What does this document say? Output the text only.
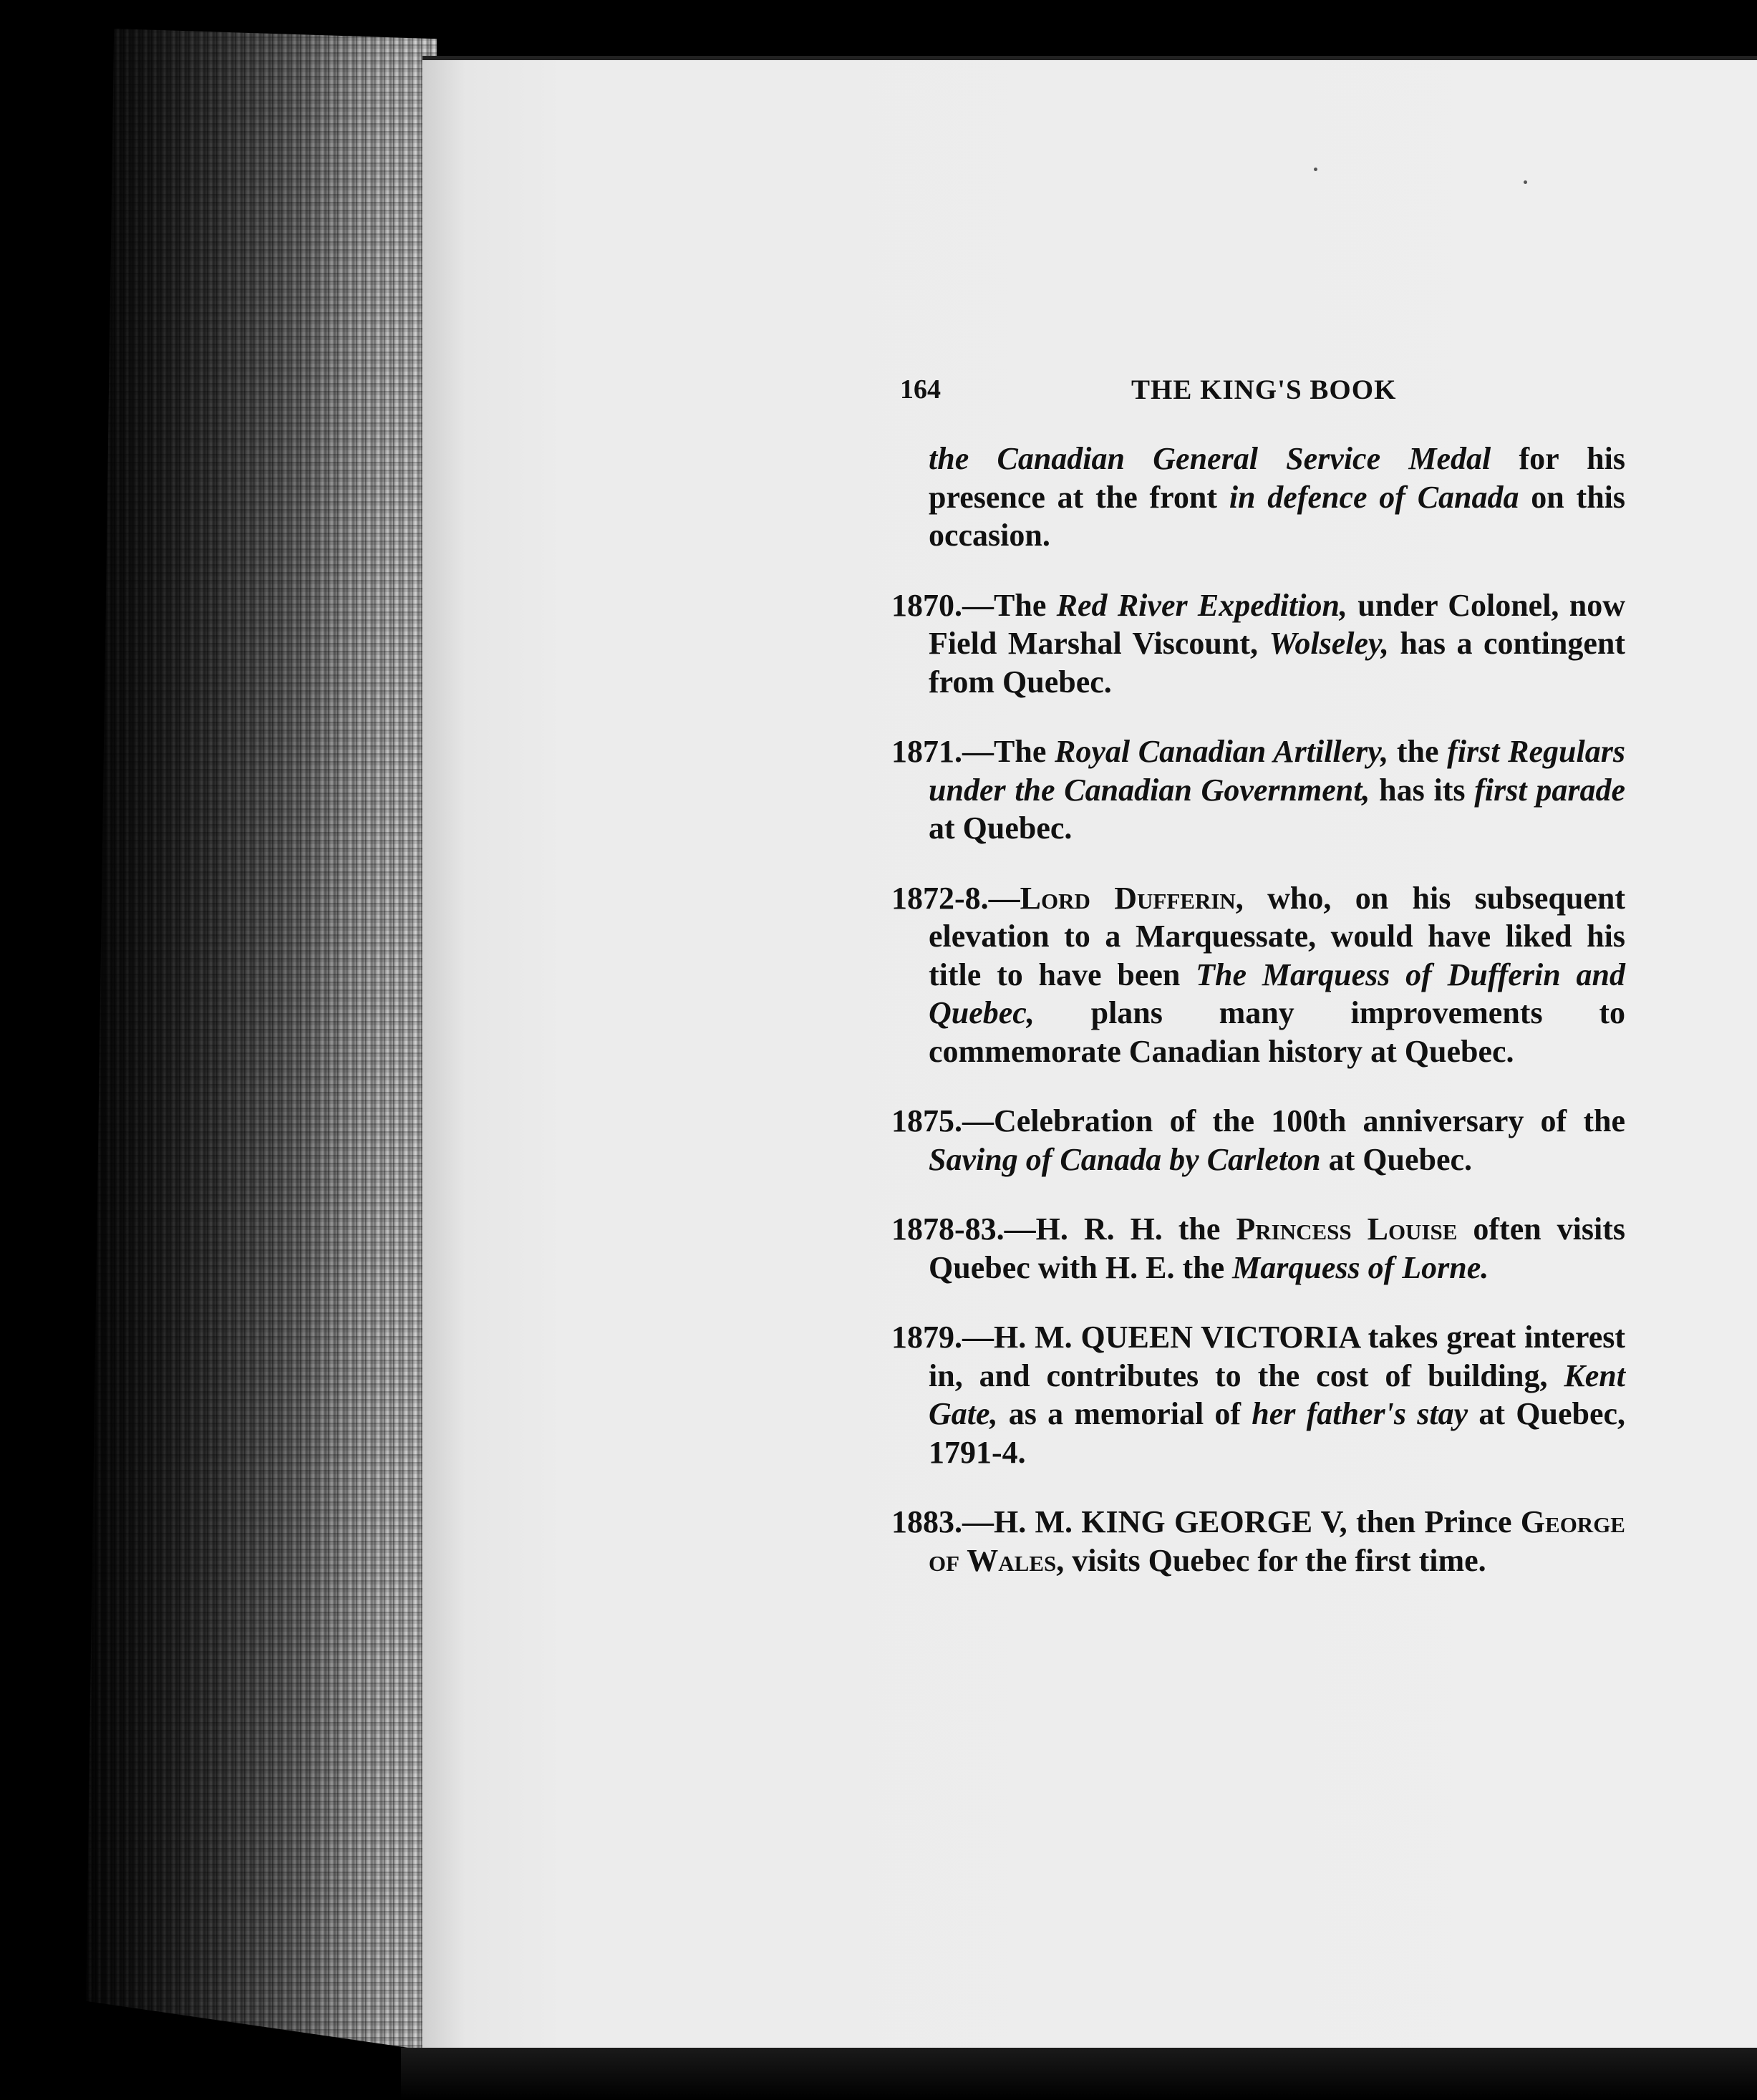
164	THE KING'S BOOK

the Canadian General Service Medal for his presence at the front in defence of Canada on this occasion.

1870.—The Red River Expedition, under Colonel, now Field Marshal Viscount, Wolseley, has a contingent from Quebec.

1871.—The Royal Canadian Artillery, the first Regulars under the Canadian Government, has its first parade at Quebec.

1872-8.—Lord Dufferin, who, on his subsequent elevation to a Marquessate, would have liked his title to have been The Marquess of Dufferin and Quebec, plans many improvements to commemorate Canadian history at Quebec.

1875.—Celebration of the 100th anniversary of the Saving of Canada by Carleton at Quebec.

1878-83.—H. R. H. the Princess Louise often visits Quebec with H. E. the Marquess of Lorne.

1879.—H. M. QUEEN VICTORIA takes great interest in, and contributes to the cost of building, Kent Gate, as a memorial of her father's stay at Quebec, 1791-4.

1883.—H. M. KING GEORGE V, then Prince George of Wales, visits Quebec for the first time.
